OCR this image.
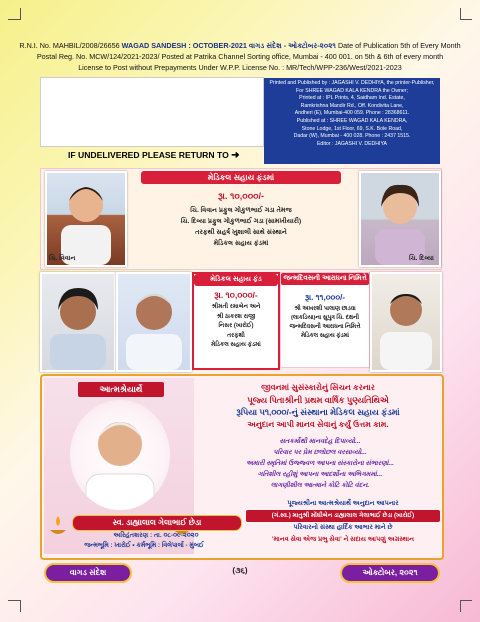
R.N.I. No. MAHBIL/2008/26656 WAGAD SANDESH : OCTOBER-2021 વાગડ સંદેશ - ઓક્ટોબર-૨૦૨૧ Date of Publication 5th of Every Month
Postal Reg. No. MCW/124/2021-2023/ Posted at Patrika Channel Sorting office, Mumbai - 400 001. on 5th & 6th of every month
License to Post without Prepayments Under W.P.P. License No. : MR/Tech/WPP-236/West/2021-2023
IF UNDELIVERED PLEASE RETURN TO ➜
Printed and Published by : JAGASHI V. DEDHIYA, the printer-Publisher,
For SHREE WAGAD KALA KENDRA the Owner;
Printed at : IPL Prints, 4, Saidham Ind. Estate,
Ramkrishna Mandir Rd., Off. Kondivita Lane,
Andheri (E), Mumbai-400 059. Phone : 28368611.
Published at : SHREE WAGAD KALA KENDRA,
Stone Lodge, 1st Floor, 69, S.K. Bole Road,
Dadar (W), Mumbai - 400 028. Phone : 2437 1515.
Editor : JAGASHI V. DEDHIYA
ચિ. વિવાન
મેડિકલ સહાય ફંડમાં
રૂા. ૧૦,૦૦૦/-
ચિ. વિવાન પ્રફુલ ગોકુળભાઈ ગડા તેમજ
ચિ. દિવ્યા પ્રફુલ ગોકુળભાઈ ગડા (સામખીયારી)
તરફથી સહર્ષ ખુશાલી સાથે સંસ્થાને
મેડિકલ સહાય ફંડમાં
ચિ. દિવ્યા
મેડિકલ સહાય ફંડ
રૂા. ૧૦,૦૦૦/-
શ્રીમતી રમાબેન અને
શ્રી ઠાકરશ રાજી
નિસર (ખારોઈ)
તરફથી
મેડિકલ સહાય ફંડમાં
જન્મદિવસની આરાધના નિમિત્તે
રૂા. ૧૧,૦૦૦/-
શ્રી અખરશી પાલાણ છાડવા
(લાકડિયા)ના સુપુત્ર ચિ. દક્ષની
જન્મદિવસની આરાધના નિમિત્તે
મેડિકલ સહાય ફંડમાં
આત્મશ્રેયાર્થે
સ્વ. ડાહ્યાલાલ ગેલાભાઈ છેડા
અરિહંતશરણ : તા. ૦૮-૦૯-૨૦૨૦
જન્મભૂમિ : ખારોઈ • કર્મભૂમિ : વિલેપાર્લા - મુંબઈ
જીવનમાં સુસંસ્કારોનું સિંચન કરનાર
પૂજ્ય પિતાશ્રીની પ્રથમ વાર્ષિક પુણ્યતિથિએ
રૂપિયા ૫૧,૦૦૦/-નું સંસ્થાના મેડિકલ સહાય ફંડમાં
અનુદાન આપી માનવ સેવાનું કર્યું ઉત્તમ કામ.
સતકર્મોથી માનવદેહ દિપાવ્યો...
પરિવાર પર પ્રેમ છલોછલ વરસાવ્યો...
અમારી સ્મૃતિમાં ઉજ્જ્વળ આપના સંસ્કારોના સંભારણાં...
ગતિશીલ રહીશું આપના આદર્શોના અભિગમમાં...
લાગણીશીલ આત્માને કોટિ કોટિ વંદન.
પૂજ્યશ્રીના આત્મશ્રેયાર્થે અનુદાન આપનાર
(ગં.સ્વ.) માતુશ્રી મોંઘીબેન ડાહ્યાલાલ ગેલાભાઈ છેડા (ખારોઈ)
પરિવારનો સંસ્થા હાર્દિક આભાર માને છે
'માનવ સેવા એજ પ્રભુ સેવા' ને સદાય આપણું અગ્રસ્થાન
વાગડ સંદેશ	(૩૬)	ઓક્ટોબર, ૨૦૨૧
